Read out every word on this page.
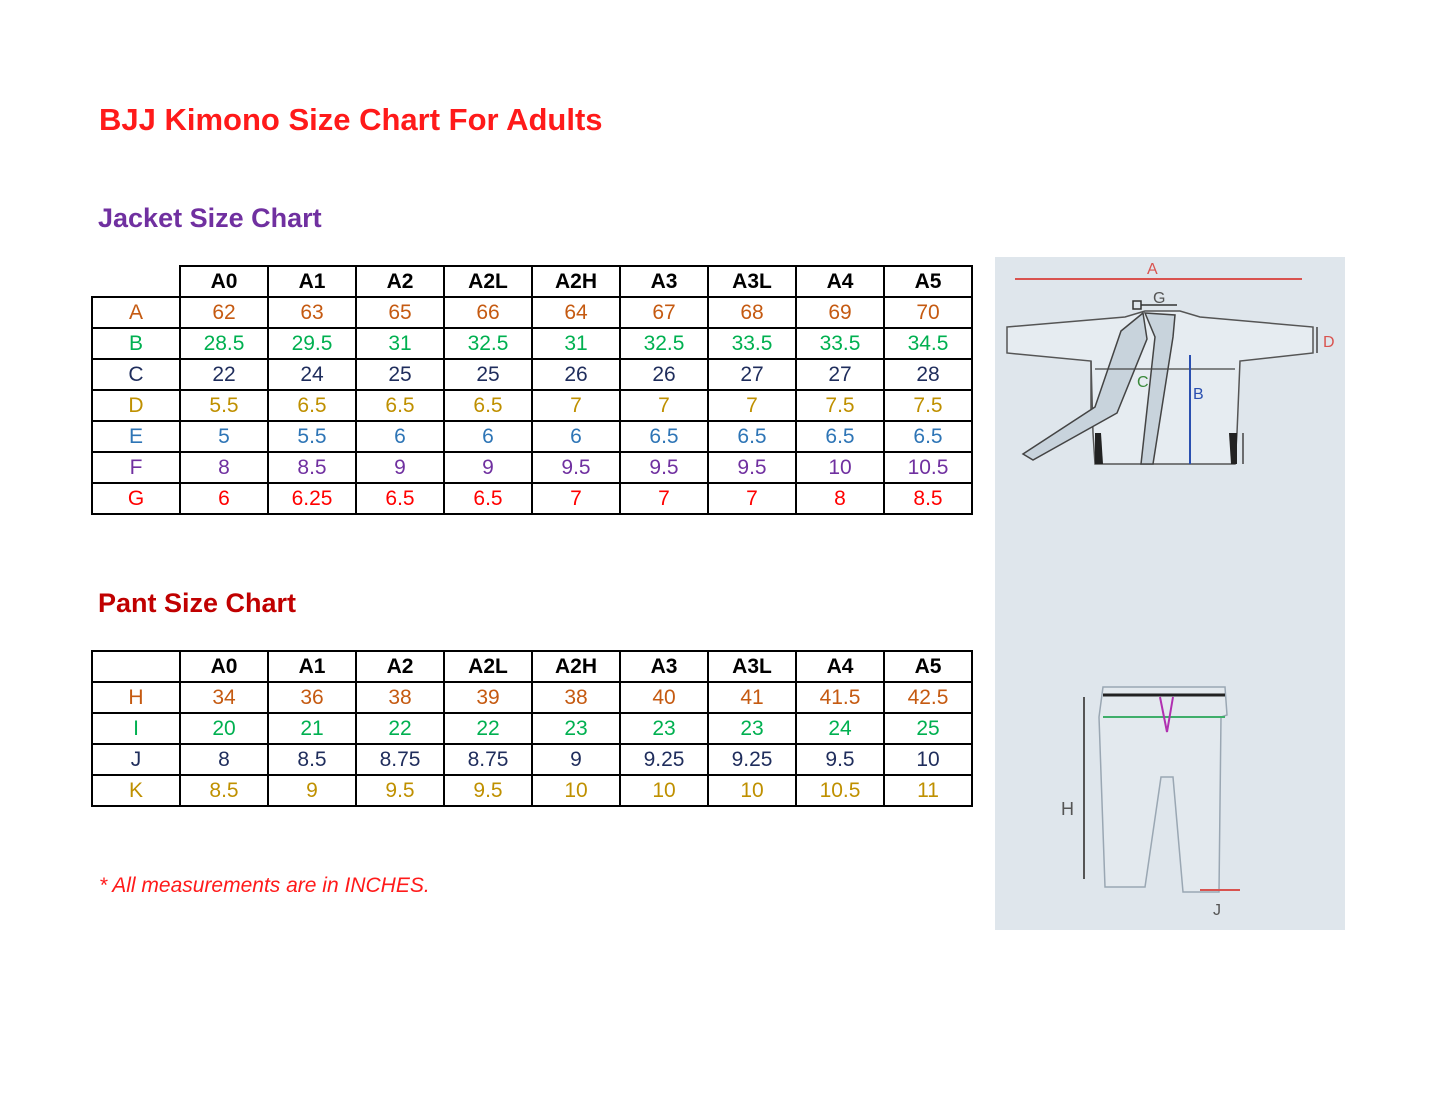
BJJ Kimono Size Chart For Adults
Jacket Size Chart
	A0	A1	A2	A2L	A2H	A3	A3L	A4	A5
A	62	63	65	66	64	67	68	69	70
B	28.5	29.5	31	32.5	31	32.5	33.5	33.5	34.5
C	22	24	25	25	26	26	27	27	28
D	5.5	6.5	6.5	6.5	7	7	7	7.5	7.5
E	5	5.5	6	6	6	6.5	6.5	6.5	6.5
F	8	8.5	9	9	9.5	9.5	9.5	10	10.5
G	6	6.25	6.5	6.5	7	7	7	8	8.5
Pant Size Chart
	A0	A1	A2	A2L	A2H	A3	A3L	A4	A5
H	34	36	38	39	38	40	41	41.5	42.5
I	20	21	22	22	23	23	23	24	25
J	8	8.5	8.75	8.75	9	9.25	9.25	9.5	10
K	8.5	9	9.5	9.5	10	10	10	10.5	11

* All measurements are in INCHES.

A
G
C
B
D
H
J
